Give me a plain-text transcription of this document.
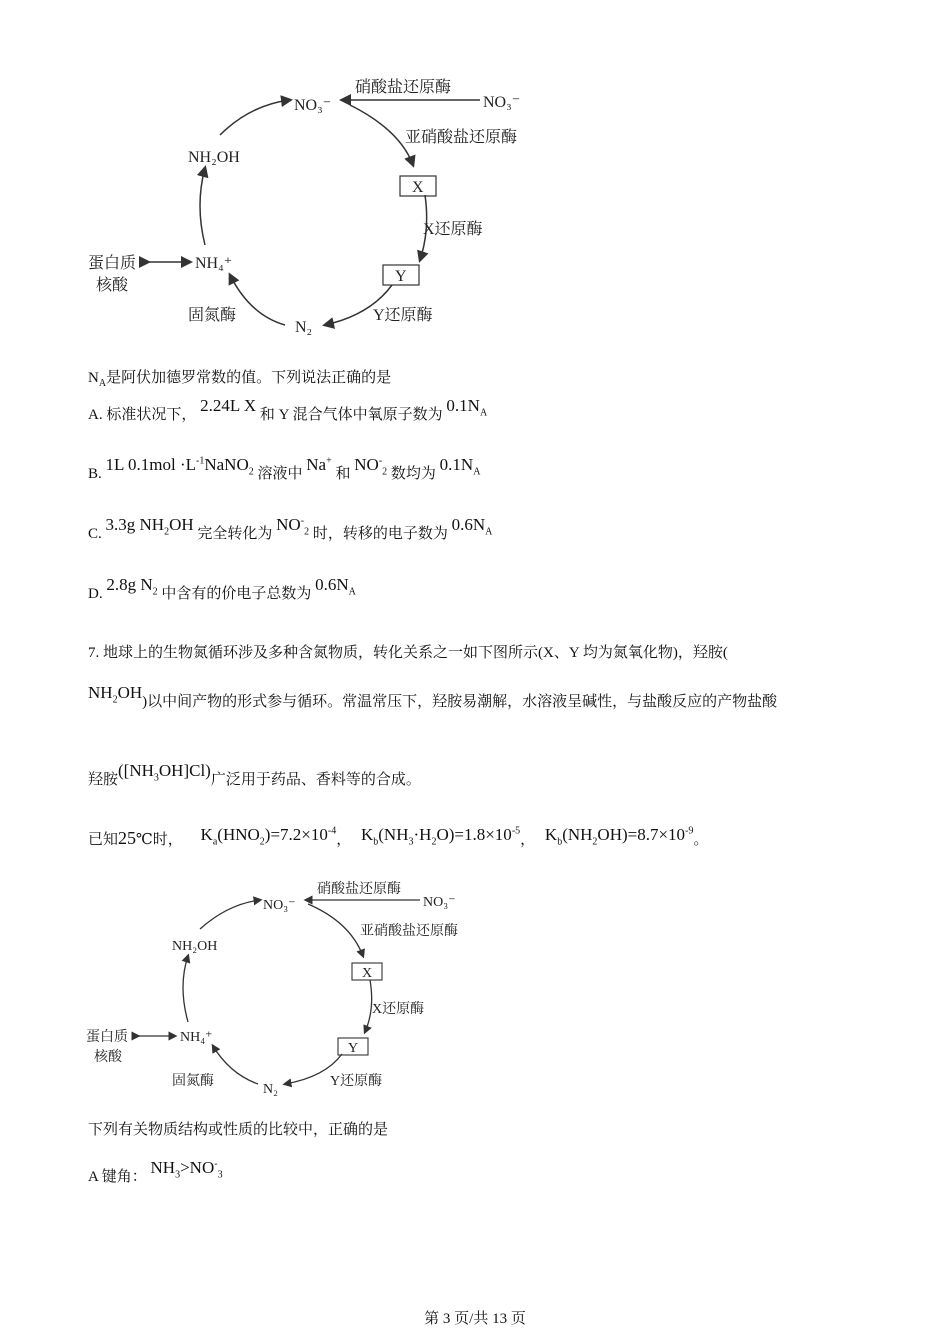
硝酸盐还原酶
NO₃⁻
NO₃⁻
亚硝酸盐还原酶
X
X还原酶
Y
Y还原酶
N₂
固氮酶
NH₄⁺
NH₂OH
蛋白质
核酸
$N_A$是阿伏加德罗常数的值。下列说法正确的是
A. 标准状况下， 2.24L X 和 Y 混合气体中氧原子数为 $0.1N_A$
B. 1L $0.1mol \cdot L^{-1}NaNO_2$ 溶液中 Na+ 和 $NO^-_2$ 数均为 $0.1N_A$
C. 3.3g $NH_2OH$ 完全转化为 $NO^-_2$ 时，转移的电子数为 $0.6N_A$
D. 2.8g $N_2$ 中含有的价电子总数为 $0.6N_A$
7. 地球上的生物氮循环涉及多种含氮物质，转化关系之一如下图所示(X、Y 均为氮氧化物)，羟胺(
$NH_2OH$)以中间产物的形式参与循环。常温常压下，羟胺易潮解，水溶液呈碱性，与盐酸反应的产物盐酸
羟胺$([NH_3OH]Cl)$广泛用于药品、香料等的合成。
已知25℃时， $K_a(HNO_2)=7.2\times 10^{-4}$， $K_b(NH_3\cdot H_2O)=1.8\times 10^{-5}$， $K_b(NH_2OH)=8.7\times 10^{-9}$。
硝酸盐还原酶
NO₃⁻
NO₃⁻
亚硝酸盐还原酶
X
X还原酶
Y
Y还原酶
N₂
固氮酶
NH₄⁺
NH₂OH
蛋白质
核酸
下列有关物质结构或性质的比较中，正确的是
A 键角： $NH_3>NO^-_3$
第 3 页/共 13 页
